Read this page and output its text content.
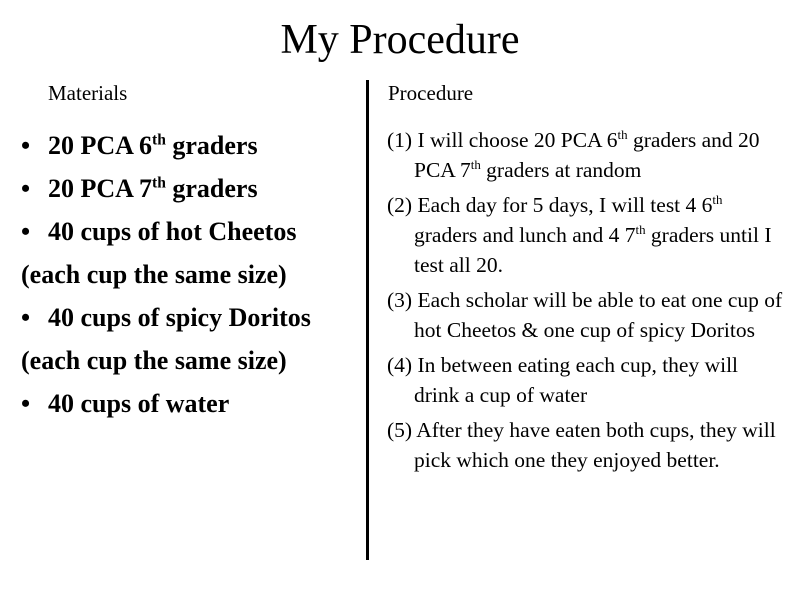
My Procedure
Materials	Procedure
• 20 PCA 6th graders
• 20 PCA 7th graders
• 40 cups of hot Cheetos
(each cup the same size)
• 40 cups of spicy Doritos
(each cup the same size)
• 40 cups of water
(1) I will choose 20 PCA 6th graders and 20 PCA 7th graders at random
(2) Each day for 5 days, I will test 4 6th graders and lunch and 4 7th graders until I test all 20.
(3) Each scholar will be able to eat one cup of hot Cheetos & one cup of spicy Doritos
(4) In between eating each cup, they will drink a cup of water
(5) After they have eaten both cups, they will pick which one they enjoyed better.
